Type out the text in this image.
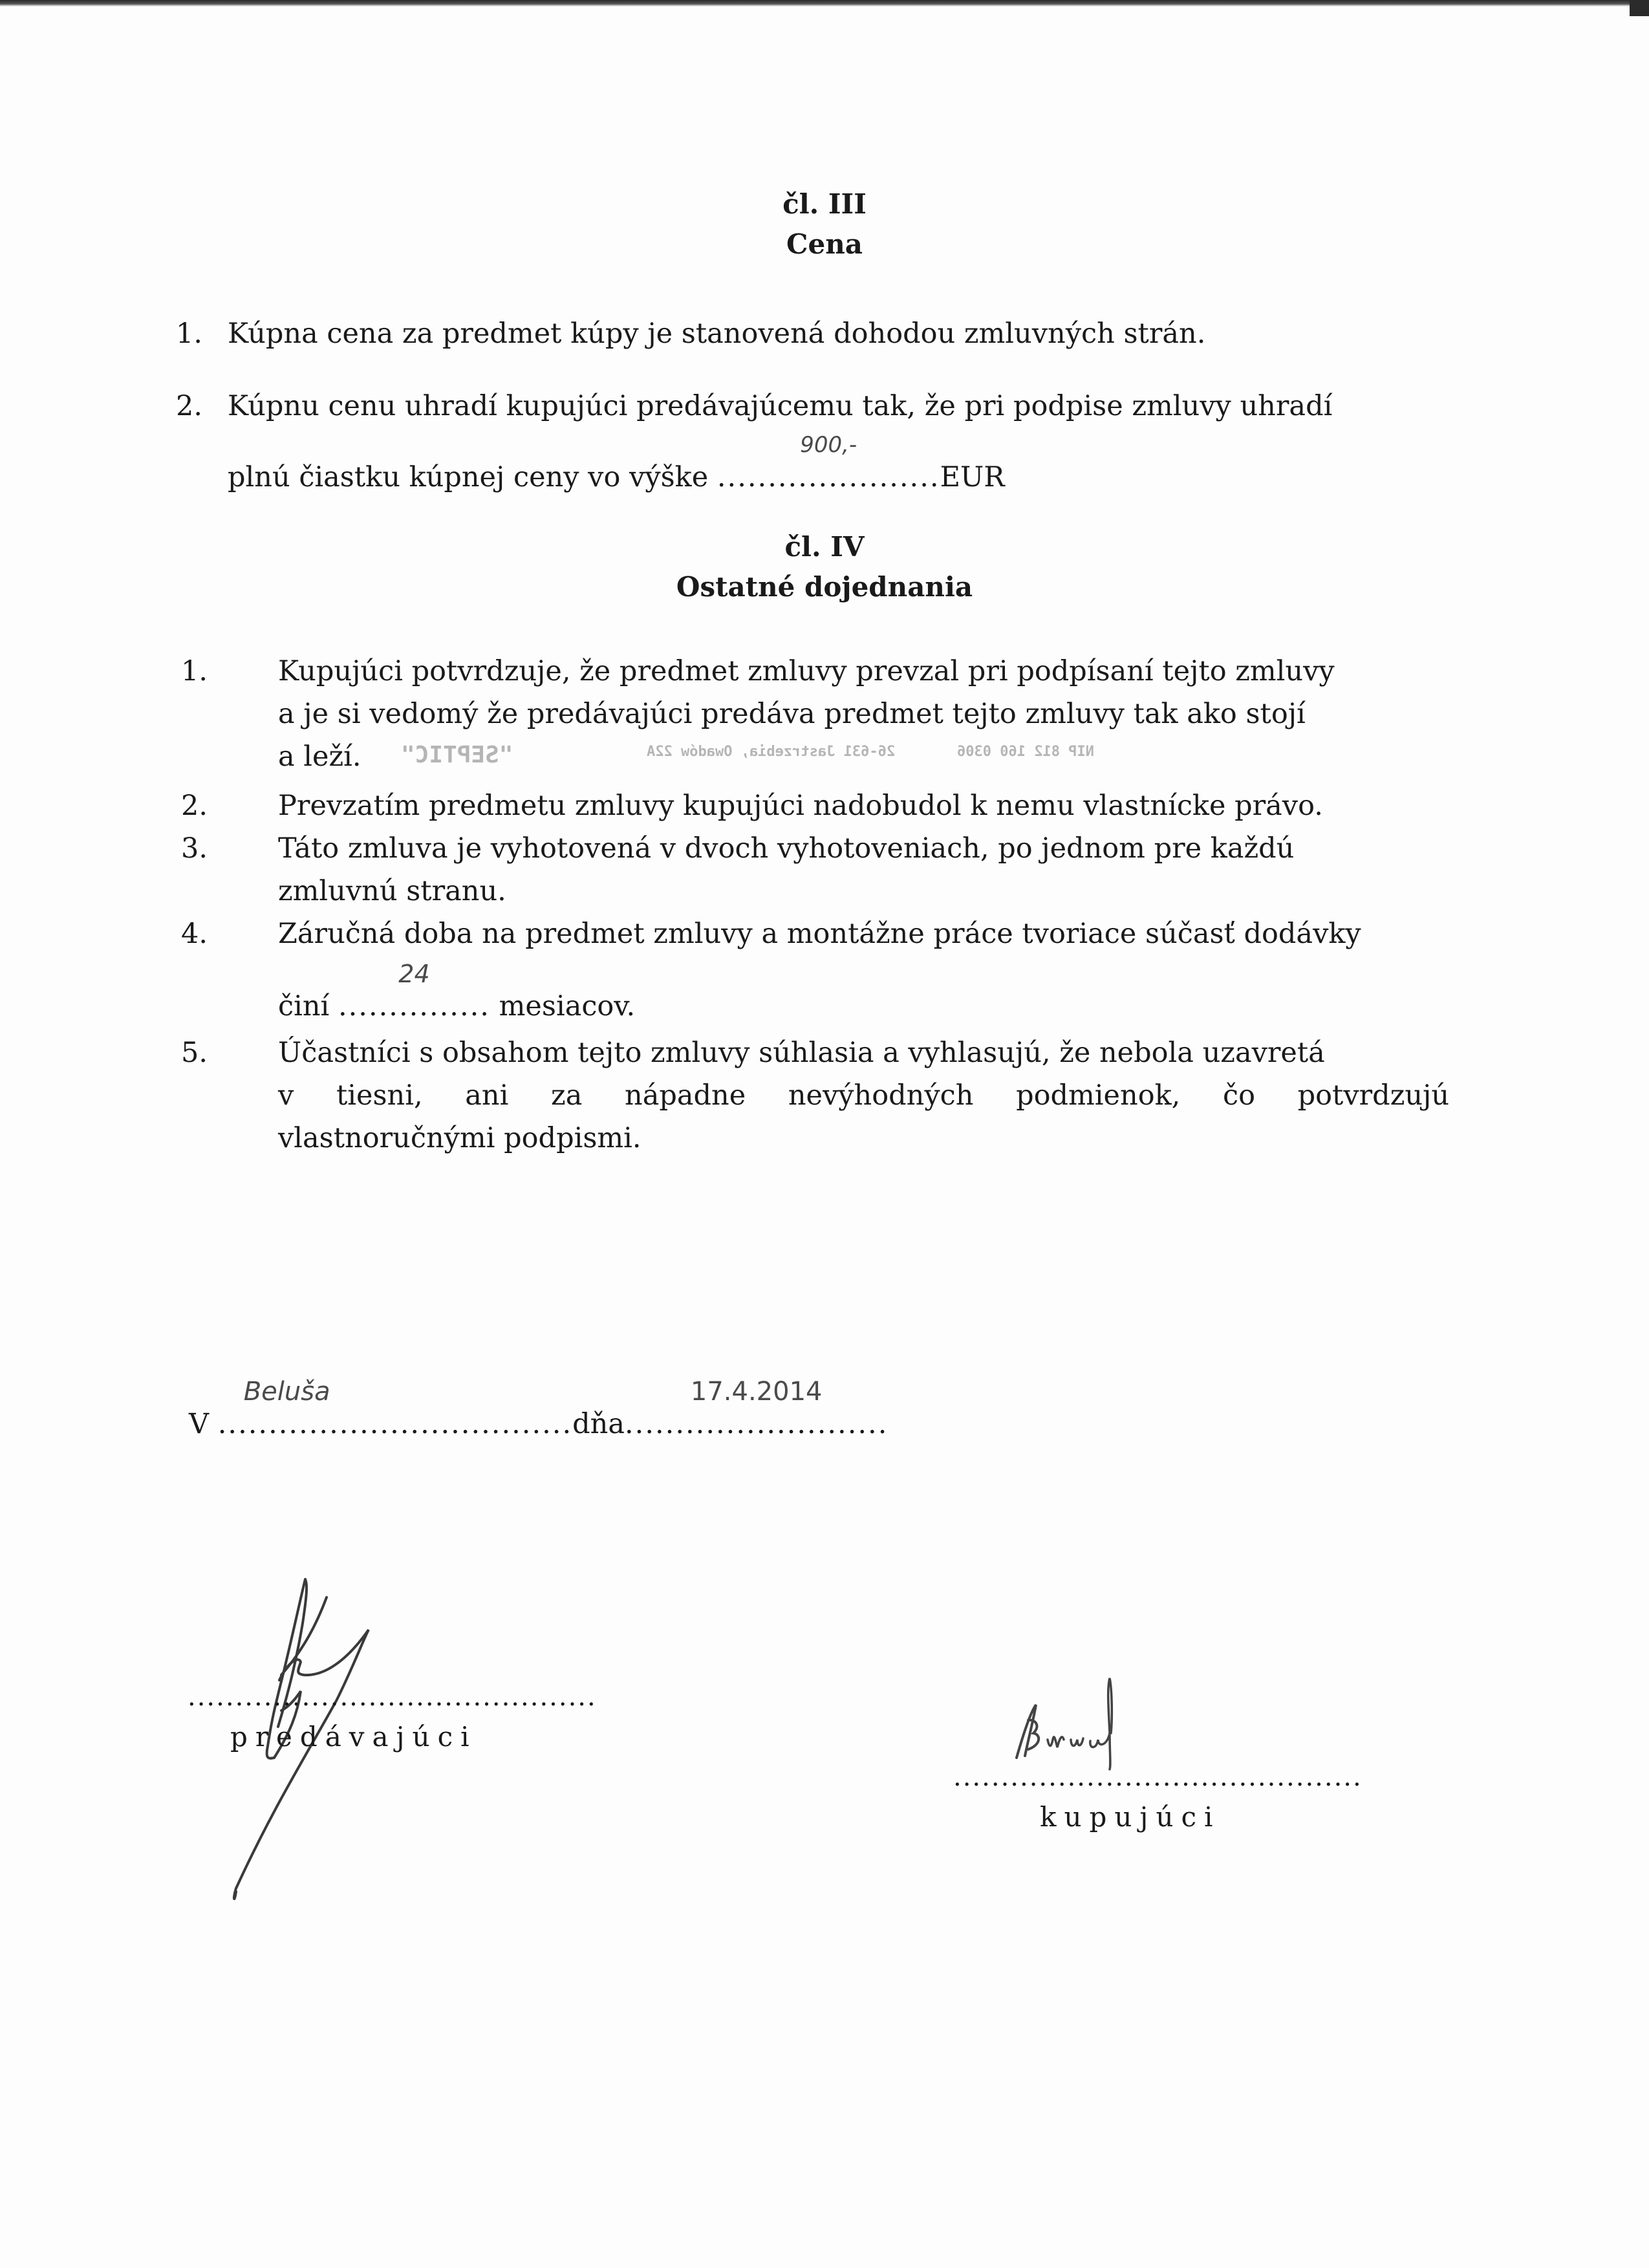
čl. III
Cena
1. Kúpna cena za predmet kúpy je stanovená dohodou zmluvných strán.
2. Kúpnu cenu uhradí kupujúci predávajúcemu tak, že pri podpise zmluvy uhradí
plnú čiastku kúpnej ceny vo výške ......................
900,-
EUR
čl. IV
Ostatné dojednania
1.	Kupujúci potvrdzuje, že predmet zmluvy prevzal pri podpísaní tejto zmluvy
a je si vedomý že predávajúci predáva predmet tejto zmluvy tak ako stojí
a leží. "SEPTIC"	26-631 Jastrzebia, Owadów 22A	NIP 812 160 0306
2.	Prevzatím predmetu zmluvy kupujúci nadobudol k nemu vlastnícke právo.
3.	Táto zmluva je vyhotovená v dvoch vyhotoveniach, po jednom pre každú
zmluvnú stranu.
4.	Záručná doba na predmet zmluvy a montážne práce tvoriace súčasť dodávky
činí ...............
24
mesiacov.
5.	Účastníci s obsahom tejto zmluvy súhlasia a vyhlasujú, že nebola uzavretá
v tiesni, ani za nápadne nevýhodných podmienok, čo potvrdzujú
vlastnoručnými podpismi.
V ...................................
Beluša
dňa..........................
17.4.2014
...........................................
predávajúci
...........................................
kupujúci
